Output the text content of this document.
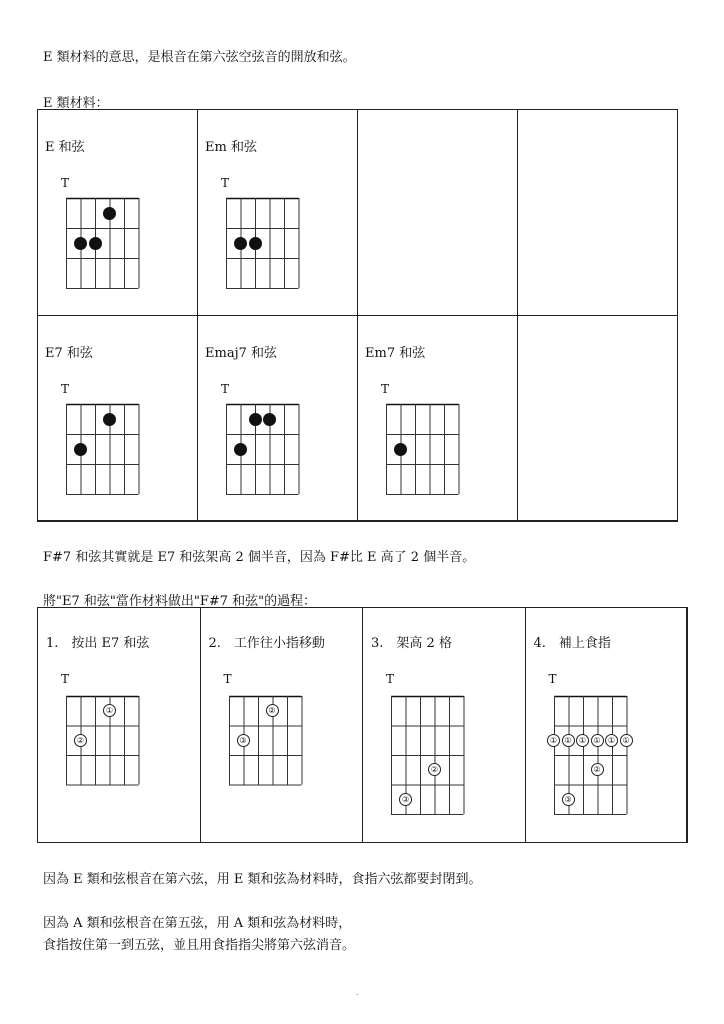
E 類材料的意思，是根音在第六弦空弦音的開放和弦。
E 類材料：
E 和弦
T
Em 和弦
T
E7 和弦
T
Emaj7 和弦
T
Em7 和弦
T
F#7 和弦其實就是 E7 和弦架高 2 個半音，因為 F#比 E 高了 2 個半音。
將"E7 和弦"當作材料做出"F#7 和弦"的過程：
1.　按出 E7 和弦
T
①
②
2.　工作往小指移動
T
②
③
3.　架高 2 格
T
②
③
4.　補上食指
T
① ① ① ① ① ①
②
③
因為 E 類和弦根音在第六弦，用 E 類和弦為材料時，食指六弦都要封閉到。
因為 A 類和弦根音在第五弦，用 A 類和弦為材料時，
食指按住第一到五弦，並且用食指指尖將第六弦消音。
.
